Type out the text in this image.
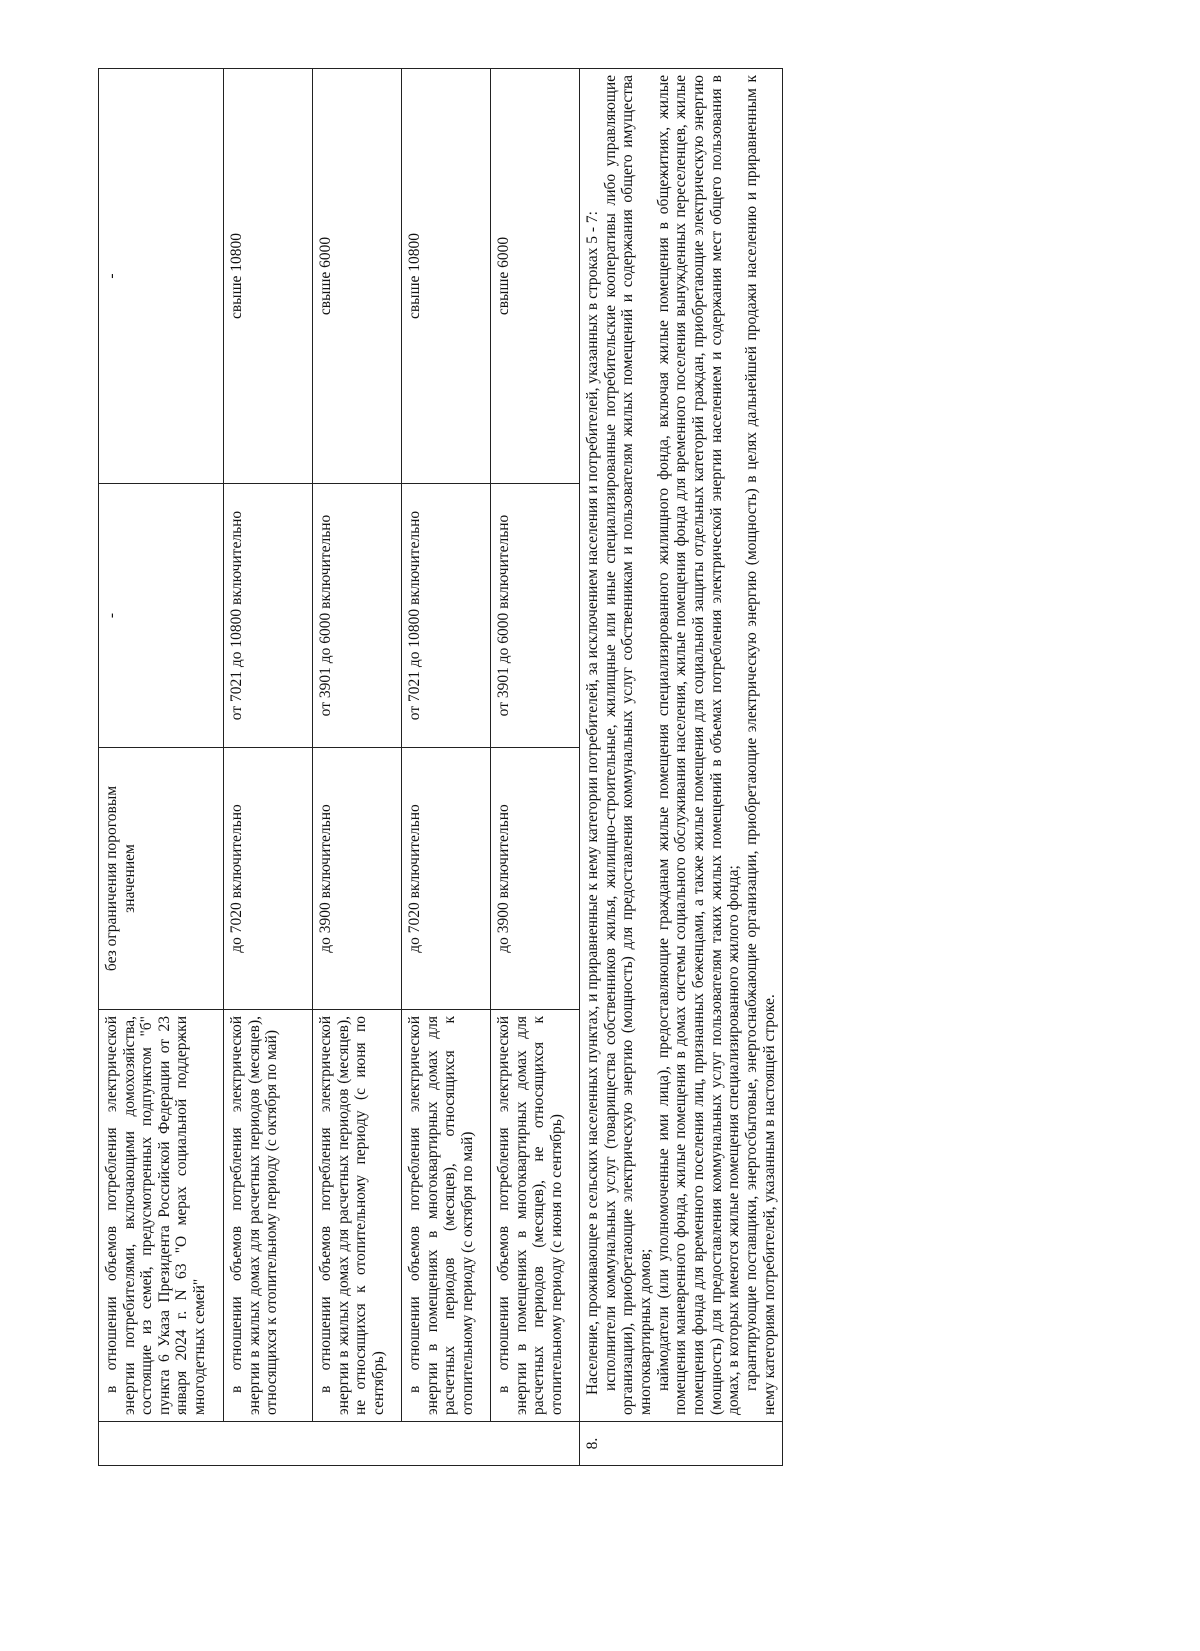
	в отношении объемов потребления электрической энергии потребителями, включающими домохозяйства, состоящие из семей, предусмотренных подпунктом "б" пункта 6 Указа Президента Российской Федерации от 23 января 2024 г. N 63 "О мерах социальной поддержки многодетных семей"	без ограничения пороговым значением	-	-
	в отношении объемов потребления электрической энергии в жилых домах для расчетных периодов (месяцев), относящихся к отопительному периоду (с октября по май)	до 7020 включительно	от 7021 до 10800 включительно	свыше 10800
	в отношении объемов потребления электрической энергии в жилых домах для расчетных периодов (месяцев), не относящихся к отопительному периоду (с июня по сентябрь)	до 3900 включительно	от 3901 до 6000 включительно	свыше 6000
	в отношении объемов потребления электрической энергии в помещениях в многоквартирных домах для расчетных периодов (месяцев), относящихся к отопительному периоду (с октября по май)	до 7020 включительно	от 7021 до 10800 включительно	свыше 10800
	в отношении объемов потребления электрической энергии в помещениях в многоквартирных домах для расчетных периодов (месяцев), не относящихся к отопительному периоду (с июня по сентябрь)	до 3900 включительно	от 3901 до 6000 включительно	свыше 6000
8.	Население, проживающее в сельских населенных пунктах, и приравненные к нему категории потребителей, за исключением населения и потребителей, указанных в строках 5 - 7: исполнители коммунальных услуг (товарищества собственников жилья, жилищно-строительные, жилищные или иные специализированные потребительские кооперативы либо управляющие организации), приобретающие электрическую энергию (мощность) для предоставления коммунальных услуг собственникам и пользователям жилых помещений и содержания общего имущества многоквартирных домов; наймодатели (или уполномоченные ими лица), предоставляющие гражданам жилые помещения специализированного жилищного фонда, включая жилые помещения в общежитиях, жилые помещения маневренного фонда, жилые помещения в домах системы социального обслуживания населения, жилые помещения фонда для временного поселения вынужденных переселенцев, жилые помещения фонда для временного поселения лиц, признанных беженцами, а также жилые помещения для социальной защиты отдельных категорий граждан, приобретающие электрическую энергию (мощность) для предоставления коммунальных услуг пользователям таких жилых помещений в объемах потребления электрической энергии населением и содержания мест общего пользования в домах, в которых имеются жилые помещения специализированного жилого фонда; гарантирующие поставщики, энергосбытовые, энергоснабжающие организации, приобретающие электрическую энергию (мощность) в целях дальнейшей продажи населению и приравненным к нему категориям потребителей, указанным в настоящей строке.			
